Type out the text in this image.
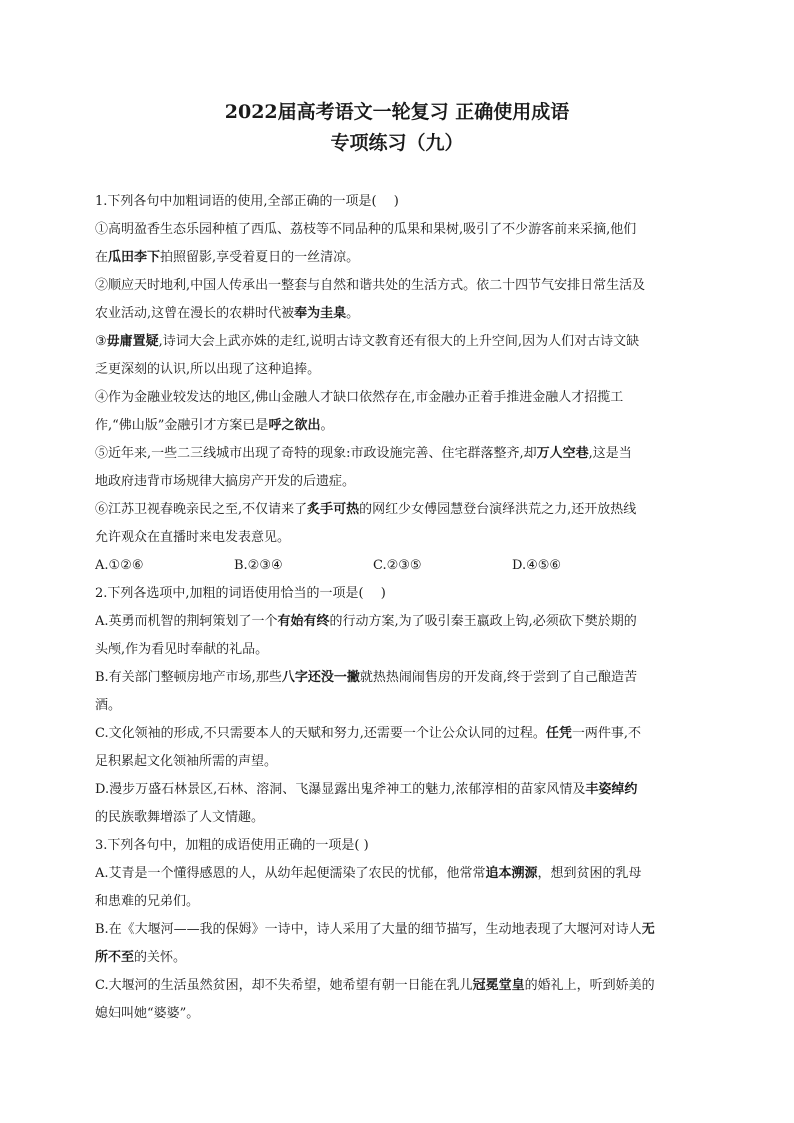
2022届高考语文一轮复习 正确使用成语
专项练习（九）
1.下列各句中加粗词语的使用,全部正确的一项是(　 )
①高明盈香生态乐园种植了西瓜、荔枝等不同品种的瓜果和果树,吸引了不少游客前来采摘,他们
在瓜田李下拍照留影,享受着夏日的一丝清凉。
②顺应天时地利,中国人传承出一整套与自然和谐共处的生活方式。依二十四节气安排日常生活及
农业活动,这曾在漫长的农耕时代被奉为圭臬。
③毋庸置疑,诗词大会上武亦姝的走红,说明古诗文教育还有很大的上升空间,因为人们对古诗文缺
乏更深刻的认识,所以出现了这种追捧。
④作为金融业较发达的地区,佛山金融人才缺口依然存在,市金融办正着手推进金融人才招揽工
作,“佛山版”金融引才方案已是呼之欲出。
⑤近年来,一些二三线城市出现了奇特的现象:市政设施完善、住宅群落整齐,却万人空巷,这是当
地政府违背市场规律大搞房产开发的后遗症。
⑥江苏卫视春晚亲民之至,不仅请来了炙手可热的网红少女傅园慧登台演绎洪荒之力,还开放热线
允许观众在直播时来电发表意见。
A.①②⑥	B.②③④	C.②③⑤	D.④⑤⑥
2.下列各选项中,加粗的词语使用恰当的一项是(　 )
A.英勇而机智的荆轲策划了一个有始有终的行动方案,为了吸引秦王嬴政上钩,必须砍下樊於期的
头颅,作为看见时奉献的礼品。
B.有关部门整顿房地产市场,那些八字还没一撇就热热闹闹售房的开发商,终于尝到了自己酿造苦
酒。
C.文化领袖的形成,不只需要本人的天赋和努力,还需要一个让公众认同的过程。任凭一两件事,不
足积累起文化领袖所需的声望。
D.漫步万盛石林景区,石林、溶洞、飞瀑显露出鬼斧神工的魅力,浓郁淳相的苗家风情及丰姿绰约
的民族歌舞增添了人文情趣。
3.下列各句中，加粗的成语使用正确的一项是( )
A.艾青是一个懂得感恩的人，从幼年起便濡染了农民的忧郁，他常常追本溯源，想到贫困的乳母
和患难的兄弟们。
B.在《大堰河——我的保姆》一诗中，诗人采用了大量的细节描写，生动地表现了大堰河对诗人无
所不至的关怀。
C.大堰河的生活虽然贫困，却不失希望，她希望有朝一日能在乳儿冠冕堂皇的婚礼上，听到娇美的
媳妇叫她“婆婆”。
